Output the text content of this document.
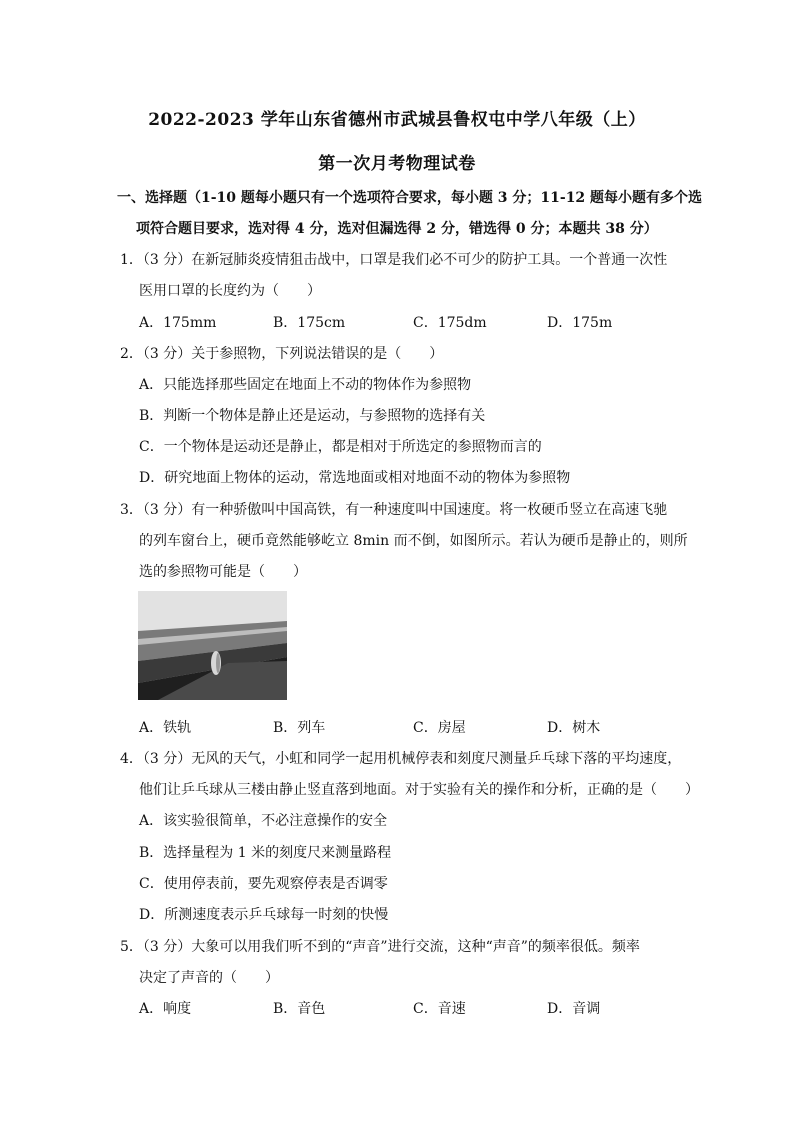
2022-2023 学年山东省德州市武城县鲁权屯中学八年级（上）
第一次月考物理试卷
一、选择题（1-10 题每小题只有一个选项符合要求，每小题 3 分；11-12 题每小题有多个选
项符合题目要求，选对得 4 分，选对但漏选得 2 分，错选得 0 分；本题共 38 分）
1．（3 分）在新冠肺炎疫情狙击战中，口罩是我们必不可少的防护工具。一个普通一次性
医用口罩的长度约为（　　）
A．175mm	B．175cm	C．175dm	D．175m
2．（3 分）关于参照物，下列说法错误的是（　　）
A．只能选择那些固定在地面上不动的物体作为参照物
B．判断一个物体是静止还是运动，与参照物的选择有关
C．一个物体是运动还是静止，都是相对于所选定的参照物而言的
D．研究地面上物体的运动，常选地面或相对地面不动的物体为参照物
3．（3 分）有一种骄傲叫中国高铁，有一种速度叫中国速度。将一枚硬币竖立在高速飞驰
的列车窗台上，硬币竟然能够屹立 8min 而不倒，如图所示。若认为硬币是静止的，则所
选的参照物可能是（　　）
A．铁轨	B．列车	C．房屋	D．树木
4．（3 分）无风的天气，小虹和同学一起用机械停表和刻度尺测量乒乓球下落的平均速度，
他们让乒乓球从三楼由静止竖直落到地面。对于实验有关的操作和分析，正确的是（　　）
A．该实验很简单，不必注意操作的安全
B．选择量程为 1 米的刻度尺来测量路程
C．使用停表前，要先观察停表是否调零
D．所测速度表示乒乓球每一时刻的快慢
5．（3 分）大象可以用我们听不到的“声音”进行交流，这种“声音”的频率很低。频率
决定了声音的（　　）
A．响度	B．音色	C．音速	D．音调
